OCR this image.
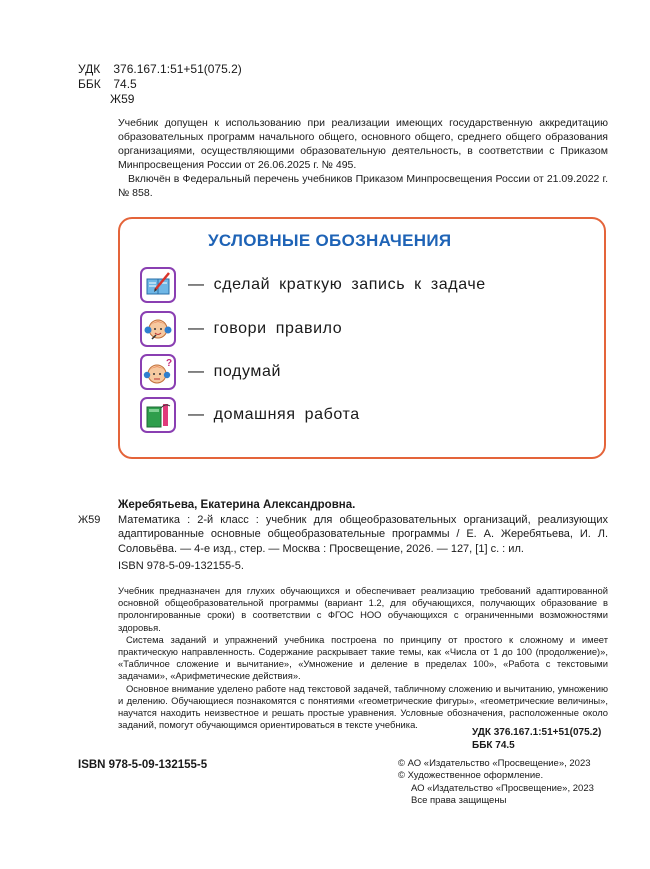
УДК 376.167.1:51+51(075.2)
ББК 74.5
Ж59

Учебник допущен к использованию при реализации имеющих государственную аккредитацию образовательных программ начального общего, основного общего, среднего общего образования организациями, осуществляющими образовательную деятельность, в соответствии с Приказом Минпросвещения России от 26.06.2025 г. № 495.

Включён в Федеральный перечень учебников Приказом Минпросвещения России от 21.09.2022 г. № 858.

УСЛОВНЫЕ ОБОЗНАЧЕНИЯ
— сделай краткую запись к задаче
— говори правило
? — подумай
— домашняя работа
Жеребятьева, Екатерина Александровна.
Ж59	Математика : 2-й класс : учебник для общеобразовательных организаций, реализующих адаптированные основные общеобразовательные программы / Е. А. Жеребятьева, И. Л. Соловьёва. — 4-е изд., стер. — Москва : Просвещение, 2026. — 127, [1] с. : ил.
ISBN 978-5-09-132155-5.

Учебник предназначен для глухих обучающихся и обеспечивает реализацию требований адаптированной основной общеобразовательной программы (вариант 1.2, для обучающихся, получающих образование в пролонгированные сроки) в соответствии с ФГОС НОО обучающихся с ограниченными возможностями здоровья.

Система заданий и упражнений учебника построена по принципу от простого к сложному и имеет практическую направленность. Содержание раскрывает такие темы, как «Числа от 1 до 100 (продолжение)», «Табличное сложение и вычитание», «Умножение и деление в пределах 100», «Работа с текстовыми задачами», «Арифметические действия».

Основное внимание уделено работе над текстовой задачей, табличному сложению и вычитанию, умножению и делению. Обучающиеся познакомятся с понятиями «геометрические фигуры», «геометрические величины», научатся находить неизвестное и решать простые уравнения. Условные обозначения, расположенные около заданий, помогут обучающимся ориентироваться в тексте учебника.

УДК 376.167.1:51+51(075.2)
ББК 74.5
ISBN 978-5-09-132155-5	© АО «Издательство «Просвещение», 2023
© Художественное оформление.
АО «Издательство «Просвещение», 2023
Все права защищены
